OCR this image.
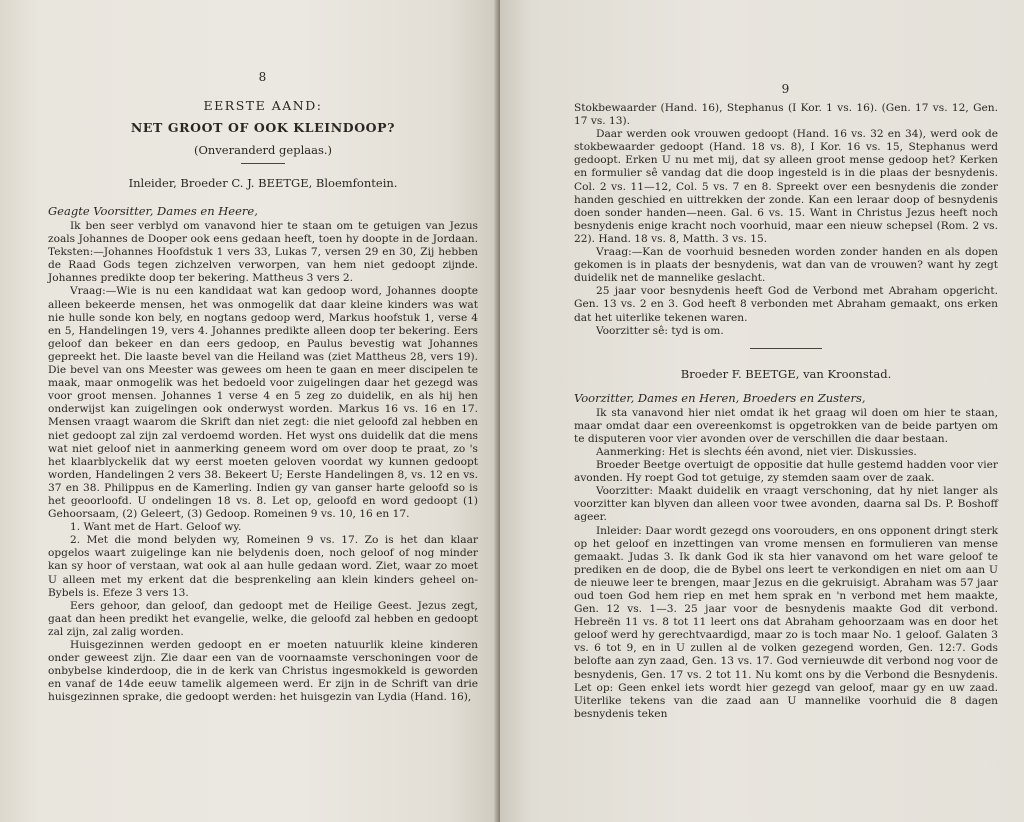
8
EERSTE AAND:
NET GROOT OF OOK KLEINDOOP?
(Onveranderd geplaas.)
Inleider, Broeder C. J. BEETGE, Bloemfontein.
Geagte Voorsitter, Dames en Heere,

Ik ben seer verblyd om vanavond hier te staan om te getuigen van Jezus zoals Johannes de Dooper ook eens gedaan heeft, toen hy doopte in de Jordaan. Teksten:—Johannes Hoofdstuk 1 vers 33, Lukas 7, versen 29 en 30, Zij hebben de Raad Gods tegen zichzelven verworpen, van hem niet gedoopt zijnde. Johannes predikte doop ter bekering. Mattheus 3 vers 2.

Vraag:—Wie is nu een kandidaat wat kan gedoop word, Johannes doopte alleen bekeerde mensen, het was onmogelik dat daar kleine kinders was wat nie hulle sonde kon bely, en nogtans gedoop werd, Markus hoofstuk 1, verse 4 en 5, Handelingen 19, vers 4. Johannes predikte alleen doop ter bekering. Eers geloof dan bekeer en dan eers gedoop, en Paulus bevestig wat Johannes gepreekt het. Die laaste bevel van die Heiland was (ziet Mattheus 28, vers 19). Die bevel van ons Meester was gewees om heen te gaan en meer discipelen te maak, maar onmogelik was het bedoeld voor zuigelingen daar het gezegd was voor groot mensen. Johannes 1 verse 4 en 5 zeg zo duidelik, en als hij hen onderwijst kan zuigelingen ook onderwyst worden. Markus 16 vs. 16 en 17. Mensen vraagt waarom die Skrift dan niet zegt: die niet geloofd zal hebben en niet gedoopt zal zijn zal verdoemd worden. Het wyst ons duidelik dat die mens wat niet geloof niet in aanmerking geneem word om over doop te praat, zo 's het klaarblyckelik dat wy eerst moeten geloven voordat wy kunnen gedoopt worden, Handelingen 2 vers 38. Bekeert U; Eerste Handelingen 8, vs. 12 en vs. 37 en 38. Philippus en de Kamerling. Indien gy van ganser harte geloofd so is het geoorloofd. U ondelingen 18 vs. 8. Let op, geloofd en word gedoopt (1) Gehoorsaam, (2) Geleert, (3) Gedoop. Romeinen 9 vs. 10, 16 en 17.

1. Want met de Hart. Geloof wy.

2. Met die mond belyden wy, Romeinen 9 vs. 17. Zo is het dan klaar opgelos waart zuigelinge kan nie belydenis doen, noch geloof of nog minder kan sy hoor of verstaan, wat ook al aan hulle gedaan word. Ziet, waar zo moet U alleen met my erkent dat die besprenkeling aan klein kinders geheel on-Bybels is. Efeze 3 vers 13.

Eers gehoor, dan geloof, dan gedoopt met de Heilige Geest. Jezus zegt, gaat dan heen predikt het evangelie, welke, die geloofd zal hebben en gedoopt zal zijn, zal zalig worden.

Huisgezinnen werden gedoopt en er moeten natuurlik kleine kinderen onder geweest zijn. Zie daar een van de voornaamste verschoningen voor de onbybelse kinderdoop, die in de kerk van Christus ingesmokkeld is geworden en vanaf de 14de eeuw tamelik algemeen werd. Er zijn in de Schrift van drie huisgezinnen sprake, die gedoopt werden: het huisgezin van Lydia (Hand. 16),

9

Stokbewaarder (Hand. 16), Stephanus (I Kor. 1 vs. 16). (Gen. 17 vs. 12, Gen. 17 vs. 13).

Daar werden ook vrouwen gedoopt (Hand. 16 vs. 32 en 34), werd ook de stokbewaarder gedoopt (Hand. 18 vs. 8), I Kor. 16 vs. 15, Stephanus werd gedoopt. Erken U nu met mij, dat sy alleen groot mense gedoop het? Kerken en formulier sê vandag dat die doop ingesteld is in die plaas der besnydenis. Col. 2 vs. 11—12, Col. 5 vs. 7 en 8. Spreekt over een besnydenis die zonder handen geschied en uittrekken der zonde. Kan een leraar doop of besnydenis doen sonder handen—neen. Gal. 6 vs. 15. Want in Christus Jezus heeft noch besnydenis enige kracht noch voorhuid, maar een nieuw schepsel (Rom. 2 vs. 22). Hand. 18 vs. 8, Matth. 3 vs. 15.

Vraag:—Kan de voorhuid besneden worden zonder handen en als dopen gekomen is in plaats der besnydenis, wat dan van de vrouwen? want hy zegt duidelik net de mannelike geslacht.

25 jaar voor besnydenis heeft God de Verbond met Abraham opgericht. Gen. 13 vs. 2 en 3. God heeft 8 verbonden met Abraham gemaakt, ons erken dat het uiterlike tekenen waren.

Voorzitter sê: tyd is om.

Broeder F. BEETGE, van Kroonstad.
Voorzitter, Dames en Heren, Broeders en Zusters,

Ik sta vanavond hier niet omdat ik het graag wil doen om hier te staan, maar omdat daar een overeenkomst is opgetrokken van de beide partyen om te disputeren voor vier avonden over de verschillen die daar bestaan.

Aanmerking: Het is slechts één avond, niet vier. Diskussies.

Broeder Beetge overtuigt de oppositie dat hulle gestemd hadden voor vier avonden. Hy roept God tot getuige, zy stemden saam over de zaak.

Voorzitter: Maakt duidelik en vraagt verschoning, dat hy niet langer als voorzitter kan blyven dan alleen voor twee avonden, daarna sal Ds. P. Boshoff ageer.

Inleider: Daar wordt gezegd ons voorouders, en ons opponent dringt sterk op het geloof en inzettingen van vrome mensen en formulieren van mense gemaakt. Judas 3. Ik dank God ik sta hier vanavond om het ware geloof te prediken en de doop, die de Bybel ons leert te verkondigen en niet om aan U de nieuwe leer te brengen, maar Jezus en die gekruisigt. Abraham was 57 jaar oud toen God hem riep en met hem sprak en 'n verbond met hem maakte, Gen. 12 vs. 1—3. 25 jaar voor de besnydenis maakte God dit verbond. Hebreën 11 vs. 8 tot 11 leert ons dat Abraham gehoorzaam was en door het geloof werd hy gerechtvaardigd, maar zo is toch maar No. 1 geloof. Galaten 3 vs. 6 tot 9, en in U zullen al de volken gezegend worden, Gen. 12:7. Gods belofte aan zyn zaad, Gen. 13 vs. 17. God vernieuwde dit verbond nog voor de besnydenis, Gen. 17 vs. 2 tot 11. Nu komt ons by die Verbond die Besnydenis. Let op: Geen enkel iets wordt hier gezegd van geloof, maar gy en uw zaad. Uiterlike tekens van die zaad aan U mannelike voorhuid die 8 dagen besnydenis teken
